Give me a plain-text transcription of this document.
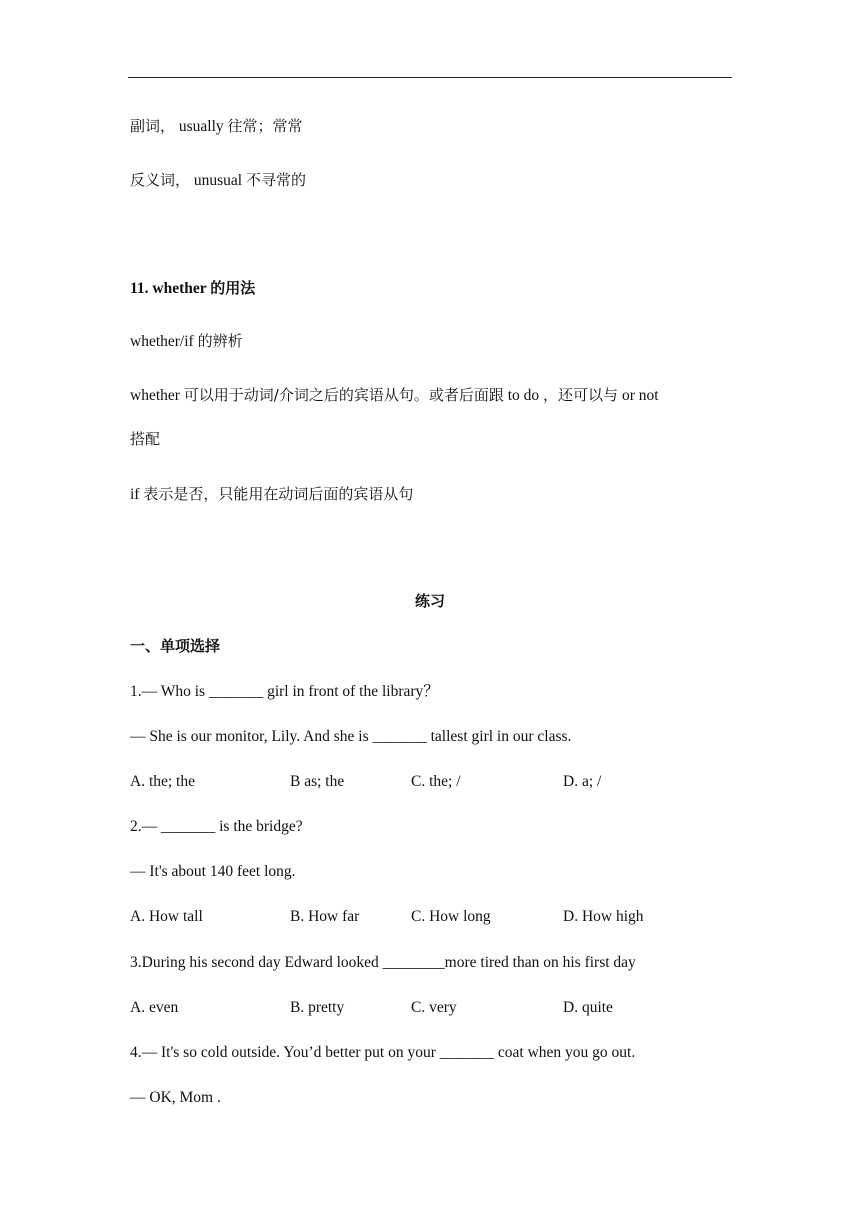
副词， usually 往常；常常
反义词， unusual 不寻常的
11. whether 的用法
whether/if 的辨析
whether 可以用于动词/介词之后的宾语从句。或者后面跟 to do ，还可以与 or not
搭配
if 表示是否，只能用在动词后面的宾语从句
练习
一、单项选择
1.— Who is _______ girl in front of the library？
— She is our monitor, Lily. And she is _______ tallest girl in our class.
A. the; the	B as; the	C. the; /	D. a; /
2.— _______ is the bridge?
— It's about 140 feet long.
A. How tall	B. How far	C. How long	D. How high
3.During his second day Edward looked ________more tired than on his first day
A. even	B. pretty	C. very	D. quite
4.— It's so cold outside. You’d better put on your _______ coat when you go out.
— OK, Mom .
